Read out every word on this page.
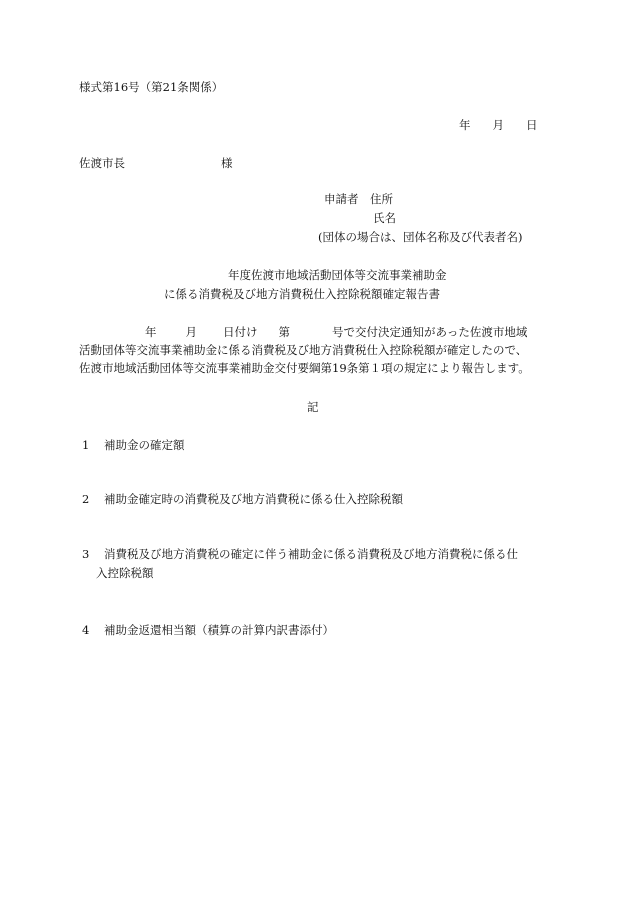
様式第16号（第21条関係）
年 月 日
佐渡市長	様
申請者　 住所
氏名
(団体の場合は、団体名称及び代表者名)
年度佐渡市地域活動団体等交流事業補助金
に係る消費税及び地方消費税仕入控除税額確定報告書
年	月 日付け 第	号で交付決定通知があった佐渡市地域
活動団体等交流事業補助金に係る消費税及び地方消費税仕入控除税額が確定したので、
佐渡市地域活動団体等交流事業補助金交付要綱第19条第１項の規定により報告します。
記
1 補助金の確定額
2 補助金確定時の消費税及び地方消費税に係る仕入控除税額
3 消費税及び地方消費税の確定に伴う補助金に係る消費税及び地方消費税に係る仕
入控除税額
4 補助金返還相当額（積算の計算内訳書添付）
